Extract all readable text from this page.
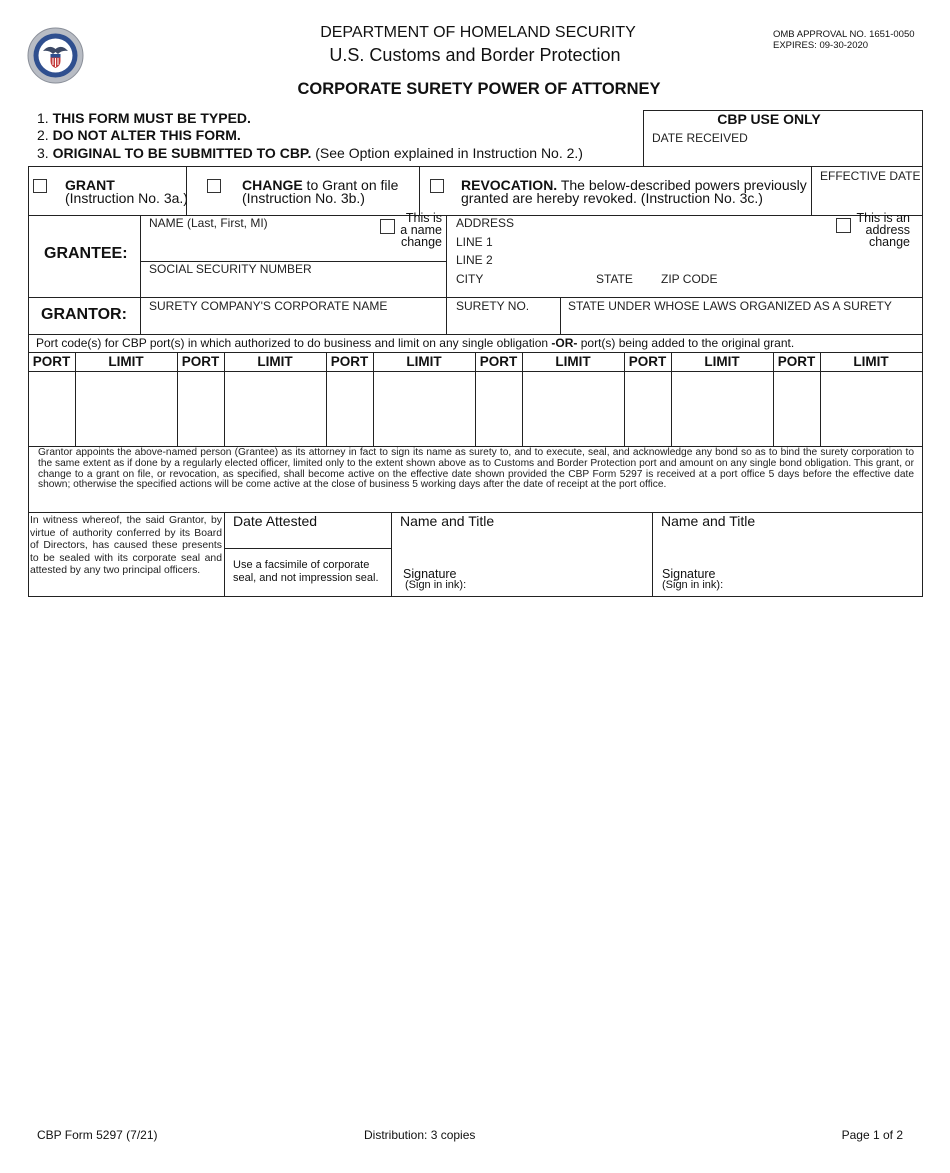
DEPARTMENT OF HOMELAND SECURITY
U.S. Customs and Border Protection
OMB APPROVAL NO. 1651-0050
EXPIRES: 09-30-2020
CORPORATE SURETY POWER OF ATTORNEY
1. THIS FORM MUST BE TYPED.
2. DO NOT ALTER THIS FORM.
3. ORIGINAL TO BE SUBMITTED TO CBP. (See Option explained in Instruction No. 2.)
CBP USE ONLY
DATE RECEIVED
GRANT
(Instruction No. 3a.)
CHANGE to Grant on file
(Instruction No. 3b.)
REVOCATION. The below-described powers previously
granted are hereby revoked. (Instruction No. 3c.)
EFFECTIVE DATE
GRANTEE:
NAME (Last, First, MI)	This is
a name
change
SOCIAL SECURITY NUMBER
ADDRESS
LINE 1
LINE 2
CITY	STATE ZIP CODE
This is an
address
change
GRANTOR: SURETY COMPANY'S CORPORATE NAME	SURETY NO.	STATE UNDER WHOSE LAWS ORGANIZED AS A SURETY
Port code(s) for CBP port(s) in which authorized to do business and limit on any single obligation -OR- port(s) being added to the original grant.
PORT	LIMIT	PORT	LIMIT	PORT	LIMIT	PORT	LIMIT	PORT	LIMIT	PORT	LIMIT
Grantor appoints the above-named person (Grantee) as its attorney in fact to sign its name as surety to, and to execute, seal, and acknowledge any bond so as to bind the surety corporation to the same extent as if done by a regularly elected officer, limited only to the extent shown above as to Customs and Border Protection port and amount on any single bond obligation. This grant, or change to a grant on file, or revocation, as specified, shall become active on the effective date shown provided the CBP Form 5297 is received at a port office 5 days before the effective date shown; otherwise the specified actions will be come active at the close of business 5 working days after the date of receipt at the port office.
In witness whereof, the said Grantor, by virtue of authority conferred by its Board of Directors, has caused these presents to be sealed with its corporate seal and attested by any two principal officers.
Date Attested
Use a facsimile of corporate
seal, and not impression seal.
Name and Title
Signature
(Sign in ink):
Name and Title
Signature
(Sign in ink):
CBP Form 5297 (7/21)	Distribution: 3 copies	Page 1 of 2
